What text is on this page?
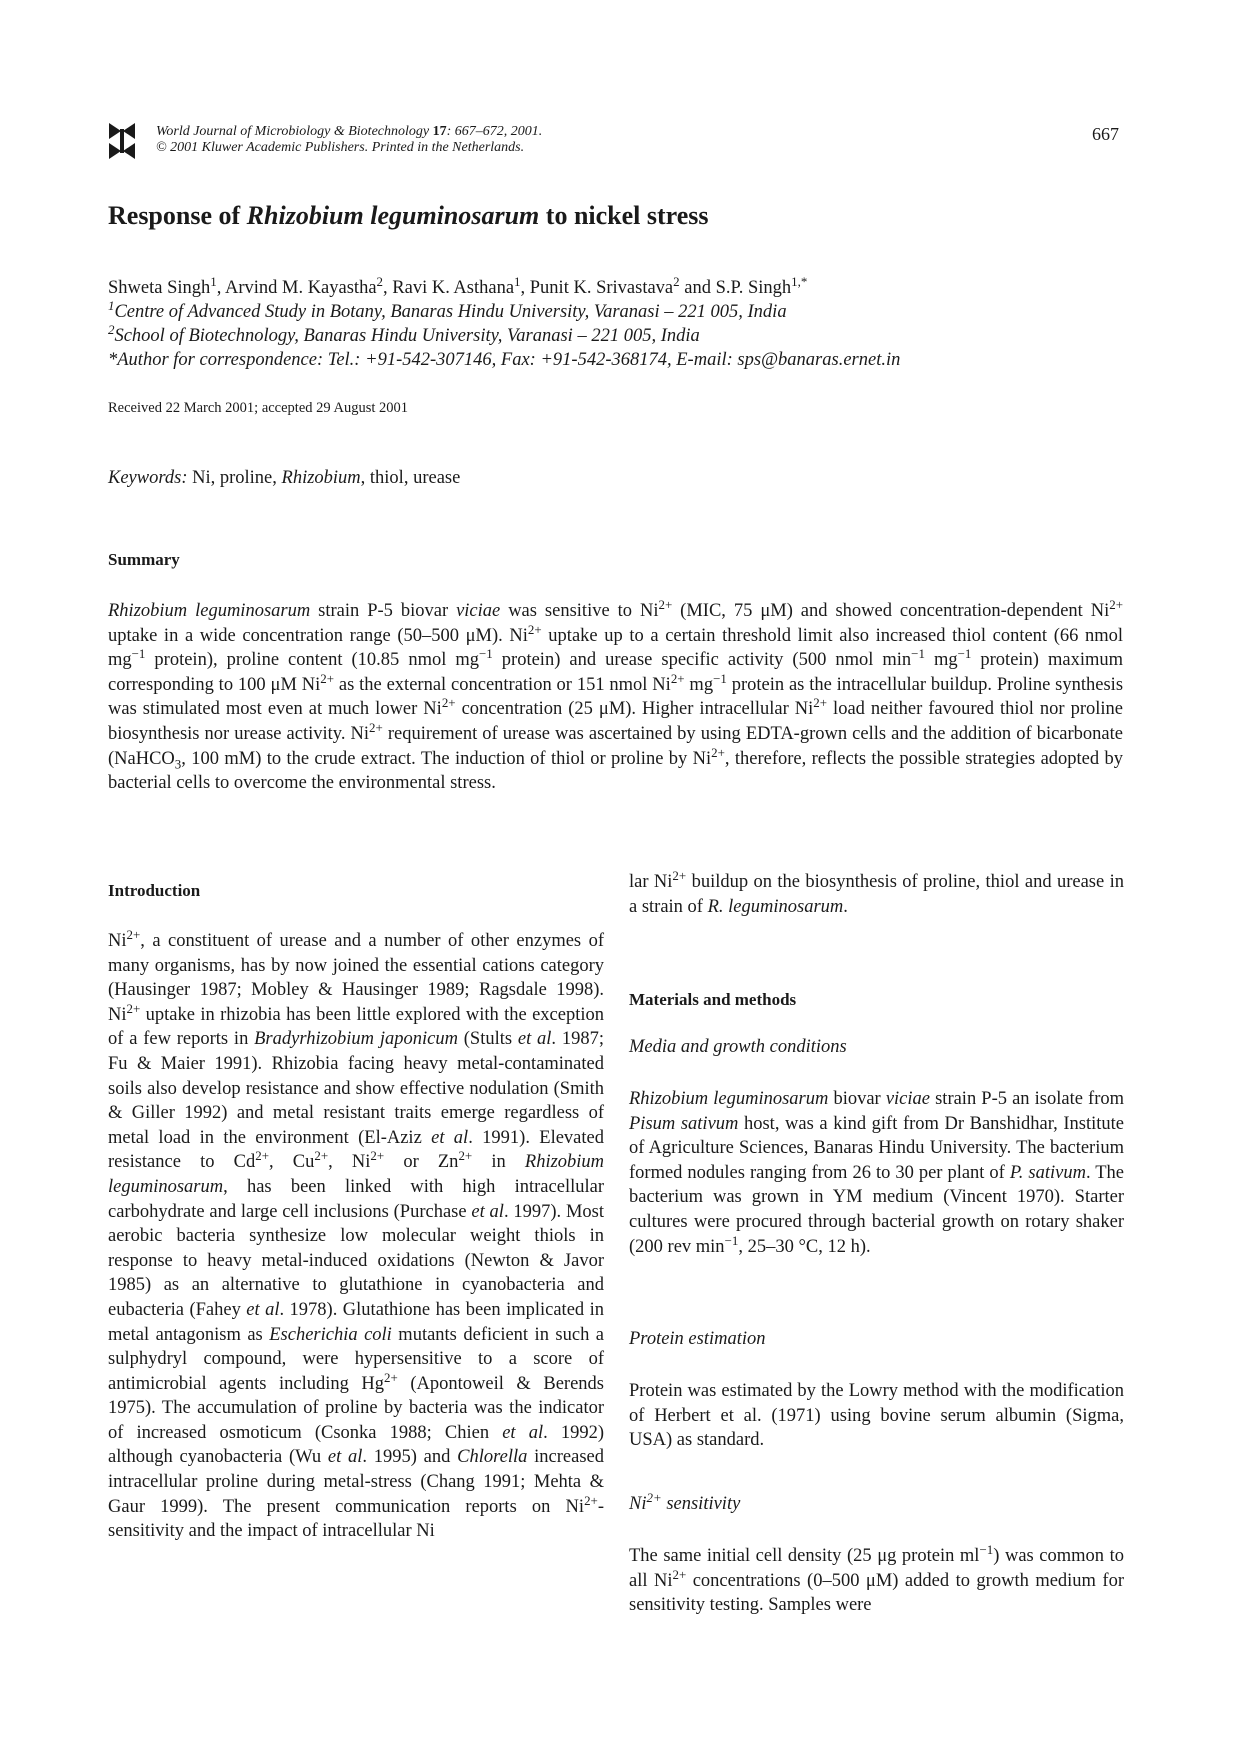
World Journal of Microbiology & Biotechnology 17: 667–672, 2001.
© 2001 Kluwer Academic Publishers. Printed in the Netherlands.
667
Response of Rhizobium leguminosarum to nickel stress
Shweta Singh$^1$, Arvind M. Kayastha$^2$, Ravi K. Asthana$^1$, Punit K. Srivastava$^2$ and S.P. Singh$^{1,*}$
$^1$Centre of Advanced Study in Botany, Banaras Hindu University, Varanasi – 221 005, India
$^2$School of Biotechnology, Banaras Hindu University, Varanasi – 221 005, India
*Author for correspondence: Tel.: +91-542-307146, Fax: +91-542-368174, E-mail: sps@banaras.ernet.in
Received 22 March 2001; accepted 29 August 2001
Keywords: Ni, proline, Rhizobium, thiol, urease
Summary

Rhizobium leguminosarum strain P-5 biovar viciae was sensitive to $Ni^{2+}$ (MIC, 75 μM) and showed concentration-dependent $Ni^{2+}$ uptake in a wide concentration range (50–500 μM). $Ni^{2+}$ uptake up to a certain threshold limit also increased thiol content (66 nmol $mg^{-1}$ protein), proline content (10.85 nmol $mg^{-1}$ protein) and urease specific activity (500 nmol $\min^{-1} mg^{-1}$ protein) maximum corresponding to 100 μM $Ni^{2+}$ as the external concentration or 151 nmol $Ni^{2+}$ $mg^{-1}$ protein as the intracellular buildup. Proline synthesis was stimulated most even at much lower $Ni^{2+}$ concentration (25 μM). Higher intracellular $Ni^{2+}$ load neither favoured thiol nor proline biosynthesis nor urease activity. $Ni^{2+}$ requirement of urease was ascertained by using EDTA-grown cells and the addition of bicarbonate (NaHCO$_3$, 100 mM) to the crude extract. The induction of thiol or proline by $Ni^{2+}$, therefore, reflects the possible strategies adopted by bacterial cells to overcome the environmental stress.

Introduction

$Ni^{2+}$, a constituent of urease and a number of other enzymes of many organisms, has by now joined the essential cations category (Hausinger 1987; Mobley & Hausinger 1989; Ragsdale 1998). $Ni^{2+}$ uptake in rhizobia has been little explored with the exception of a few reports in Bradyrhizobium japonicum (Stults et al. 1987; Fu & Maier 1991). Rhizobia facing heavy metal-contaminated soils also develop resistance and show effective nodulation (Smith & Giller 1992) and metal resistant traits emerge regardless of metal load in the environment (El-Aziz et al. 1991). Elevated resistance to $Cd^{2+}$, $Cu^{2+}$, $Ni^{2+}$ or $Zn^{2+}$ in Rhizobium leguminosarum, has been linked with high intracellular carbohydrate and large cell inclusions (Purchase et al. 1997). Most aerobic bacteria synthesize low molecular weight thiols in response to heavy metal-induced oxidations (Newton & Javor 1985) as an alternative to glutathione in cyanobacteria and eubacteria (Fahey et al. 1978). Glutathione has been implicated in metal antagonism as Escherichia coli mutants deficient in such a sulphydryl compound, were hypersensitive to a score of antimicrobial agents including $Hg^{2+}$ (Apontoweil & Berends 1975). The accumulation of proline by bacteria was the indicator of increased osmoticum (Csonka 1988; Chien et al. 1992) although cyanobacteria (Wu et al. 1995) and Chlorella increased intracellular proline during metal-stress (Chang 1991; Mehta & Gaur 1999). The present communication reports on $Ni^{2+}$-sensitivity and the impact of intracellular Ni

lar $Ni^{2+}$ buildup on the biosynthesis of proline, thiol and urease in a strain of R. leguminosarum.

Materials and methods
Media and growth conditions

Rhizobium leguminosarum biovar viciae strain P-5 an isolate from Pisum sativum host, was a kind gift from Dr Banshidhar, Institute of Agriculture Sciences, Banaras Hindu University. The bacterium formed nodules ranging from 26 to 30 per plant of P. sativum. The bacterium was grown in YM medium (Vincent 1970). Starter cultures were procured through bacterial growth on rotary shaker (200 rev $\min^{-1}$, 25–30 °C, 12 h).

Protein estimation
Protein was estimated by the Lowry method with the modification of Herbert et al. (1971) using bovine serum albumin (Sigma, USA) as standard.
$Ni^{2+}$ sensitivity

The same initial cell density (25 μg protein $ml^{-1}$) was common to all $Ni^{2+}$ concentrations (0–500 μM) added to growth medium for sensitivity testing. Samples were
